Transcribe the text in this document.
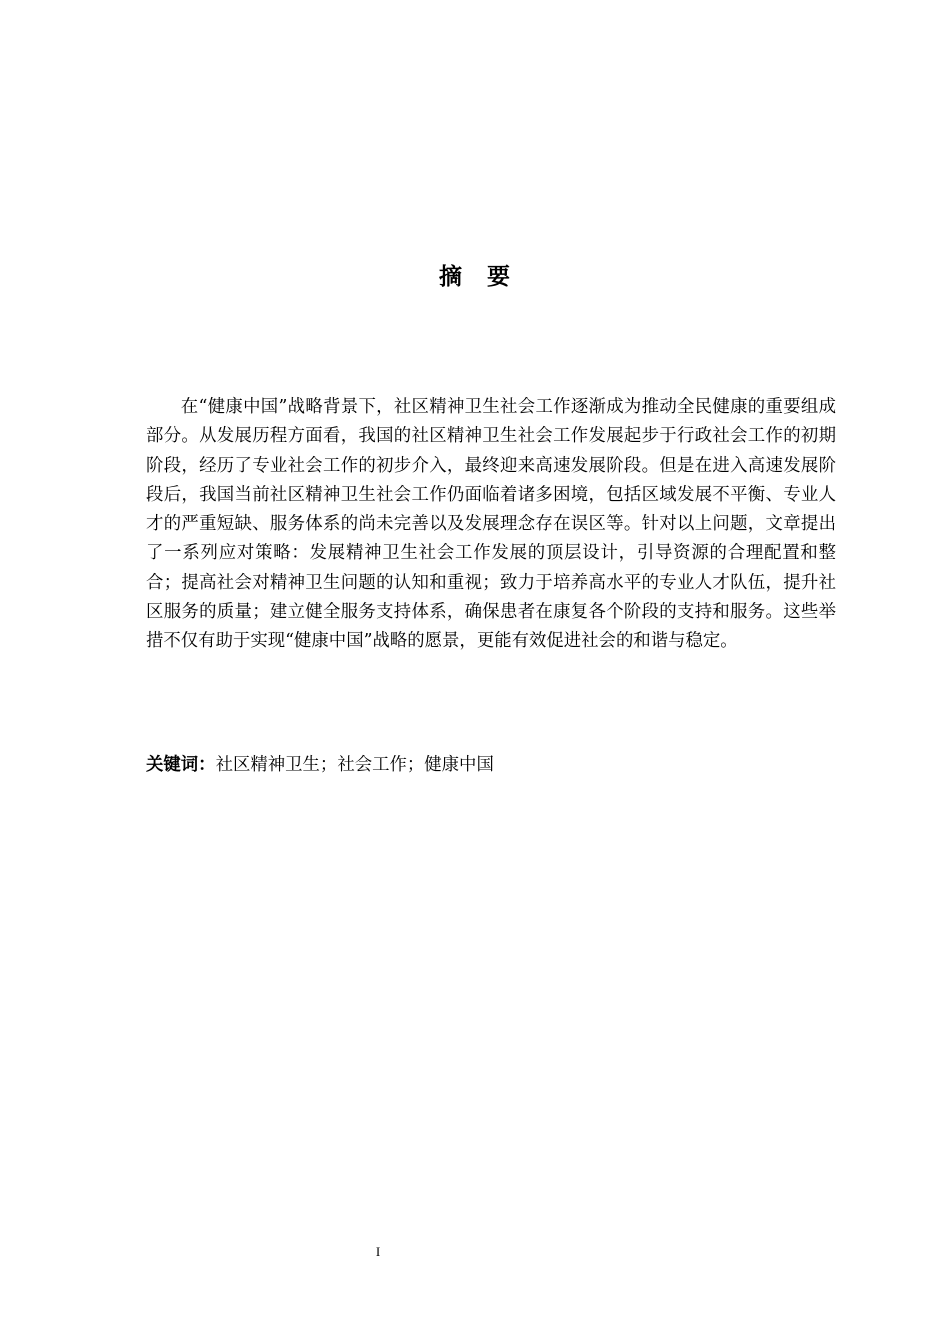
摘 要

在“健康中国”战略背景下，社区精神卫生社会工作逐渐成为推动全民健康的重要组成部分。从发展历程方面看，我国的社区精神卫生社会工作发展起步于行政社会工作的初期阶段，经历了专业社会工作的初步介入，最终迎来高速发展阶段。但是在进入高速发展阶段后，我国当前社区精神卫生社会工作仍面临着诸多困境，包括区域发展不平衡、专业人才的严重短缺、服务体系的尚未完善以及发展理念存在误区等。针对以上问题，文章提出了一系列应对策略：发展精神卫生社会工作发展的顶层设计，引导资源的合理配置和整合；提高社会对精神卫生问题的认知和重视；致力于培养高水平的专业人才队伍，提升社区服务的质量；建立健全服务支持体系，确保患者在康复各个阶段的支持和服务。这些举措不仅有助于实现“健康中国”战略的愿景，更能有效促进社会的和谐与稳定。

关键词：社区精神卫生；社会工作；健康中国
I
